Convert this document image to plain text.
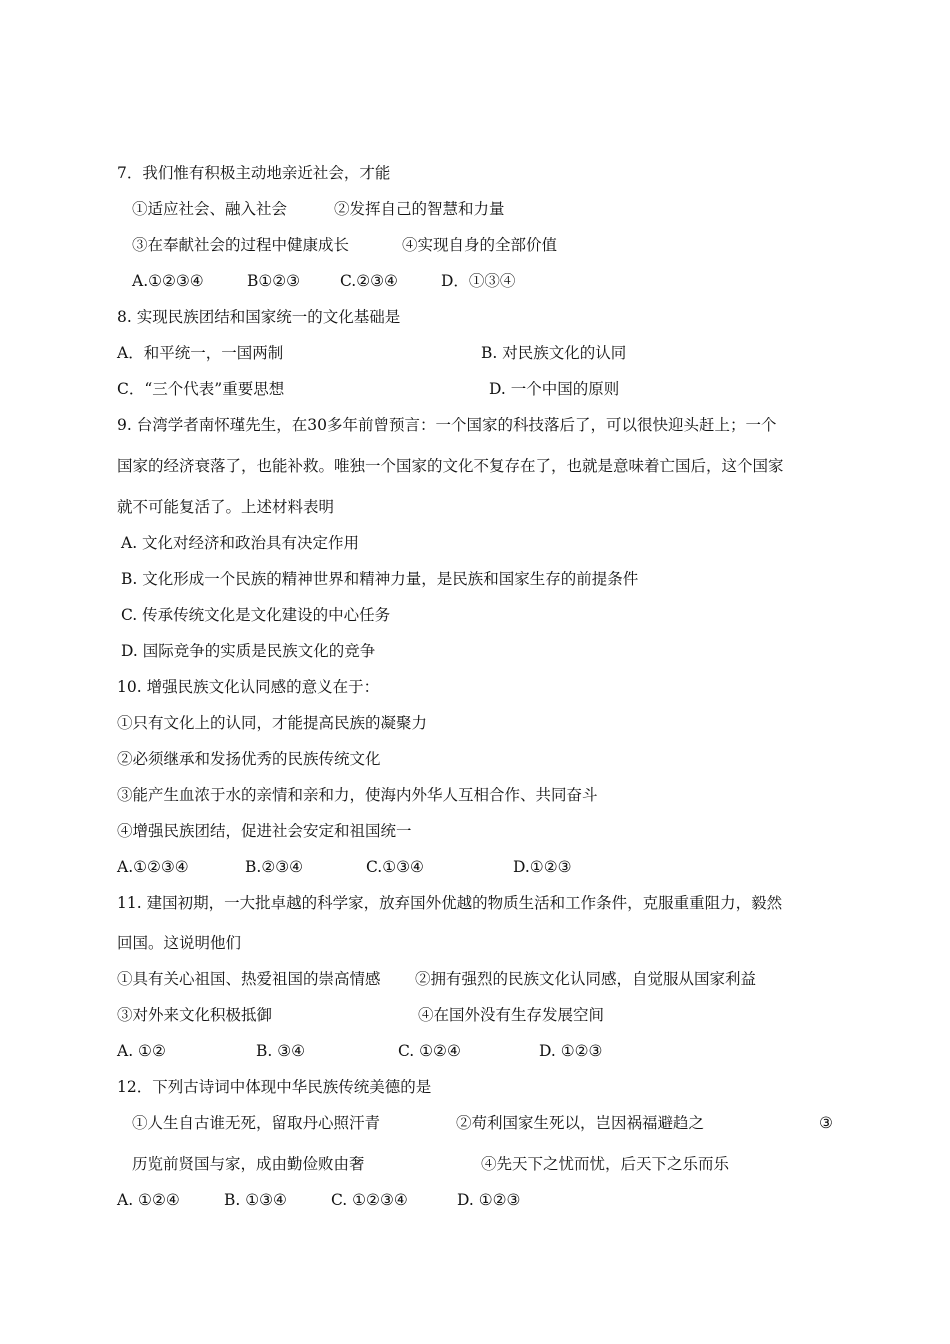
7．我们惟有积极主动地亲近社会，才能
①适应社会、融入社会	②发挥自己的智慧和力量
③在奉献社会的过程中健康成长	④实现自身的全部价值
A.①②③④	B①②③	C.②③④	D．①③④
8. 实现民族团结和国家统一的文化基础是
A．和平统一，一国两制	B. 对民族文化的认同
C．“三个代表”重要思想	D. 一个中国的原则
9. 台湾学者南怀瑾先生，在30多年前曾预言：一个国家的科技落后了，可以很快迎头赶上；一个
国家的经济衰落了，也能补救。唯独一个国家的文化不复存在了，也就是意味着亡国后，这个国家
就不可能复活了。上述材料表明
A. 文化对经济和政治具有决定作用
B. 文化形成一个民族的精神世界和精神力量，是民族和国家生存的前提条件
C. 传承传统文化是文化建设的中心任务
D. 国际竞争的实质是民族文化的竞争
10. 增强民族文化认同感的意义在于：
①只有文化上的认同，才能提高民族的凝聚力
②必须继承和发扬优秀的民族传统文化
③能产生血浓于水的亲情和亲和力，使海内外华人互相合作、共同奋斗
④增强民族团结，促进社会安定和祖国统一
A.①②③④	B.②③④	C.①③④	D.①②③
11. 建国初期，一大批卓越的科学家，放弃国外优越的物质生活和工作条件，克服重重阻力，毅然
回国。这说明他们
①具有关心祖国、热爱祖国的崇高情感 ②拥有强烈的民族文化认同感，自觉服从国家利益
③对外来文化积极抵御	④在国外没有生存发展空间
A. ①②	B. ③④	C. ①②④	D. ①②③
12．下列古诗词中体现中华民族传统美德的是
①人生自古谁无死，留取丹心照汗青	②苟利国家生死以，岂因祸福避趋之	③
历览前贤国与家，成由勤俭败由奢	④先天下之忧而忧，后天下之乐而乐
A. ①②④	B. ①③④	C. ①②③④	D. ①②③
